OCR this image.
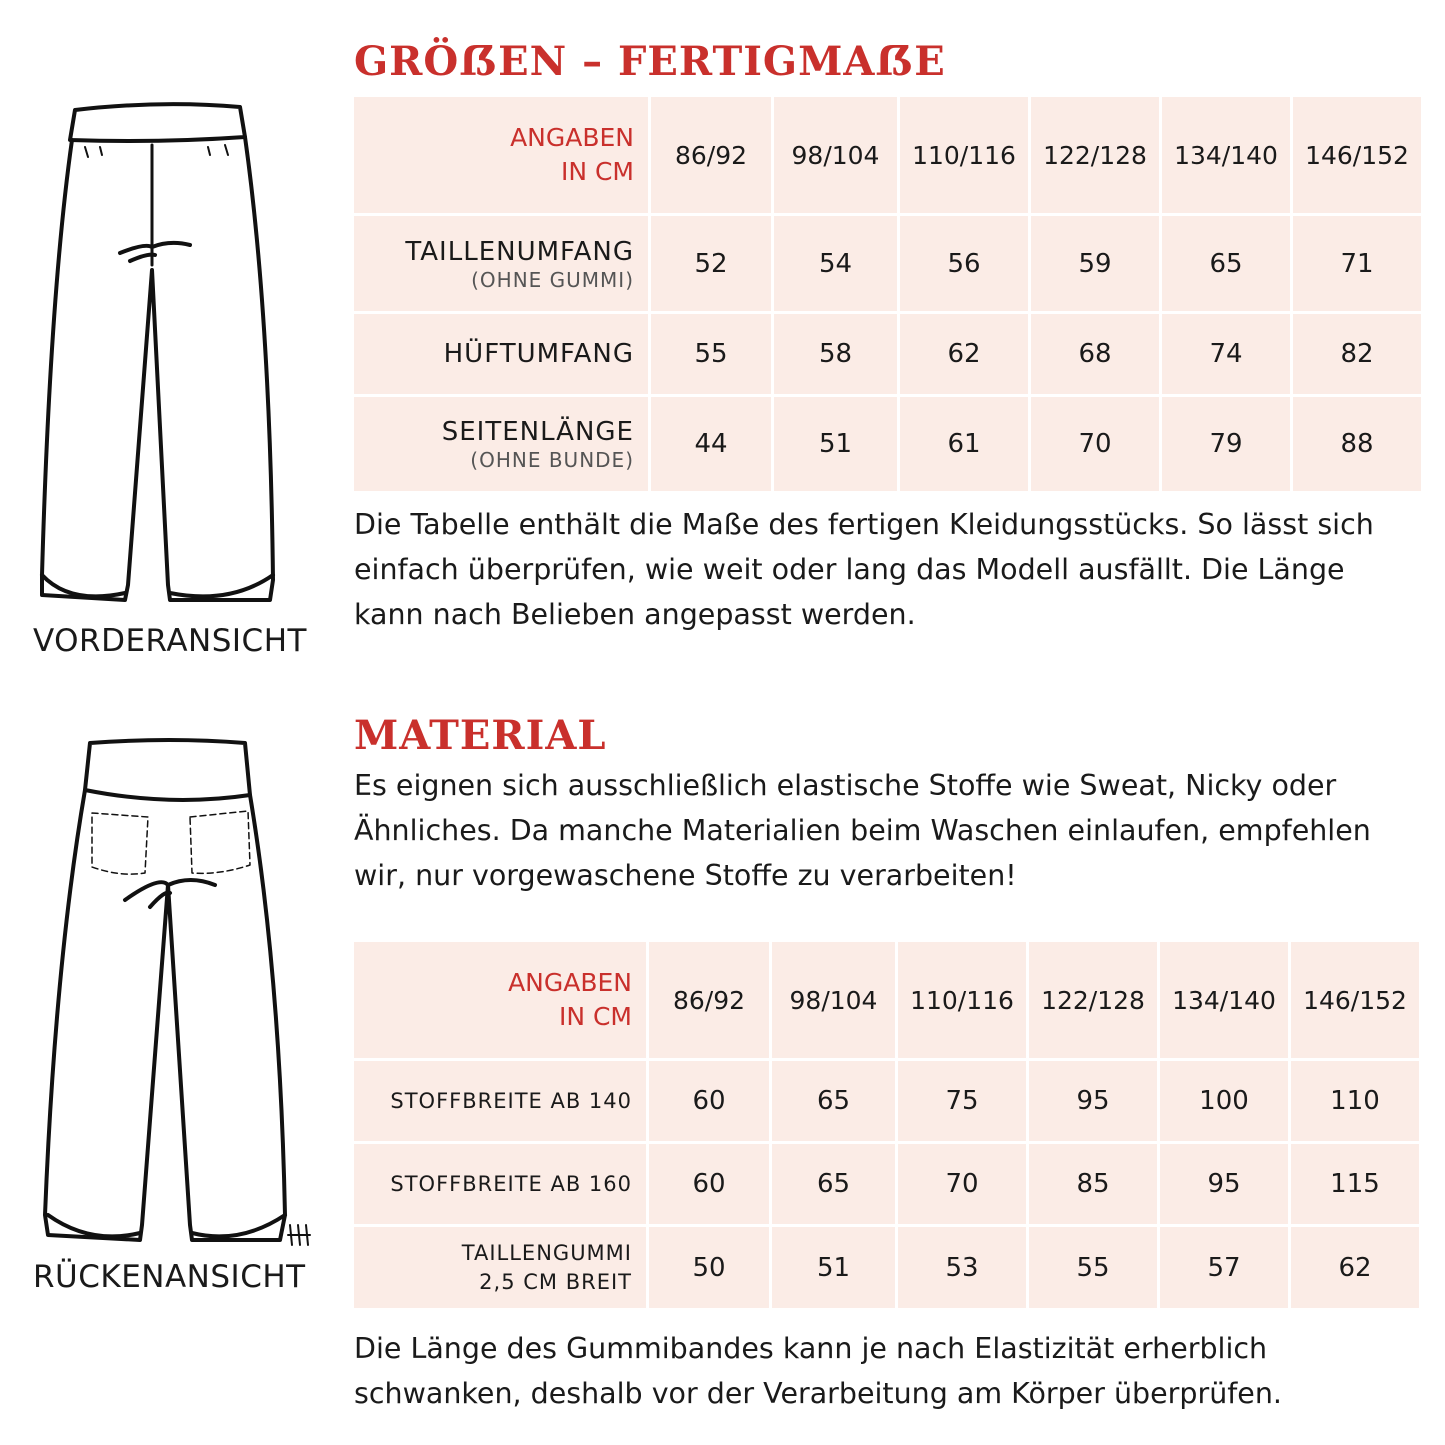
VORDERANSICHT
RÜCKENANSICHT
GRÖẞEN – FERTIGMAẞE
ANGABEN
IN CM	86/92	98/104	110/116	122/128	134/140	146/152
TAILLENUMFANG
(OHNE GUMMI)	52	54	56	59	65	71
HÜFTUMFANG	55	58	62	68	74	82
SEITENLÄNGE
(OHNE BUNDE)	44	51	61	70	79	88

Die Tabelle enthält die Maße des fertigen Kleidungsstücks. So lässt sich einfach überprüfen, wie weit oder lang das Modell ausfällt. Die Länge kann nach Belieben angepasst werden.

MATERIAL

Es eignen sich ausschließlich elastische Stoffe wie Sweat, Nicky oder Ähnliches. Da manche Materialien beim Waschen einlaufen, empfehlen wir, nur vorgewaschene Stoffe zu verarbeiten!

ANGABEN
IN CM	86/92	98/104	110/116	122/128	134/140	146/152
STOFFBREITE AB 140	60	65	75	95	100	110
STOFFBREITE AB 160	60	65	70	85	95	115
TAILLENGUMMI
2,5 CM BREIT	50	51	53	55	57	62

Die Länge des Gummibandes kann je nach Elastizität erherblich schwanken, deshalb vor der Verarbeitung am Körper überprüfen.
